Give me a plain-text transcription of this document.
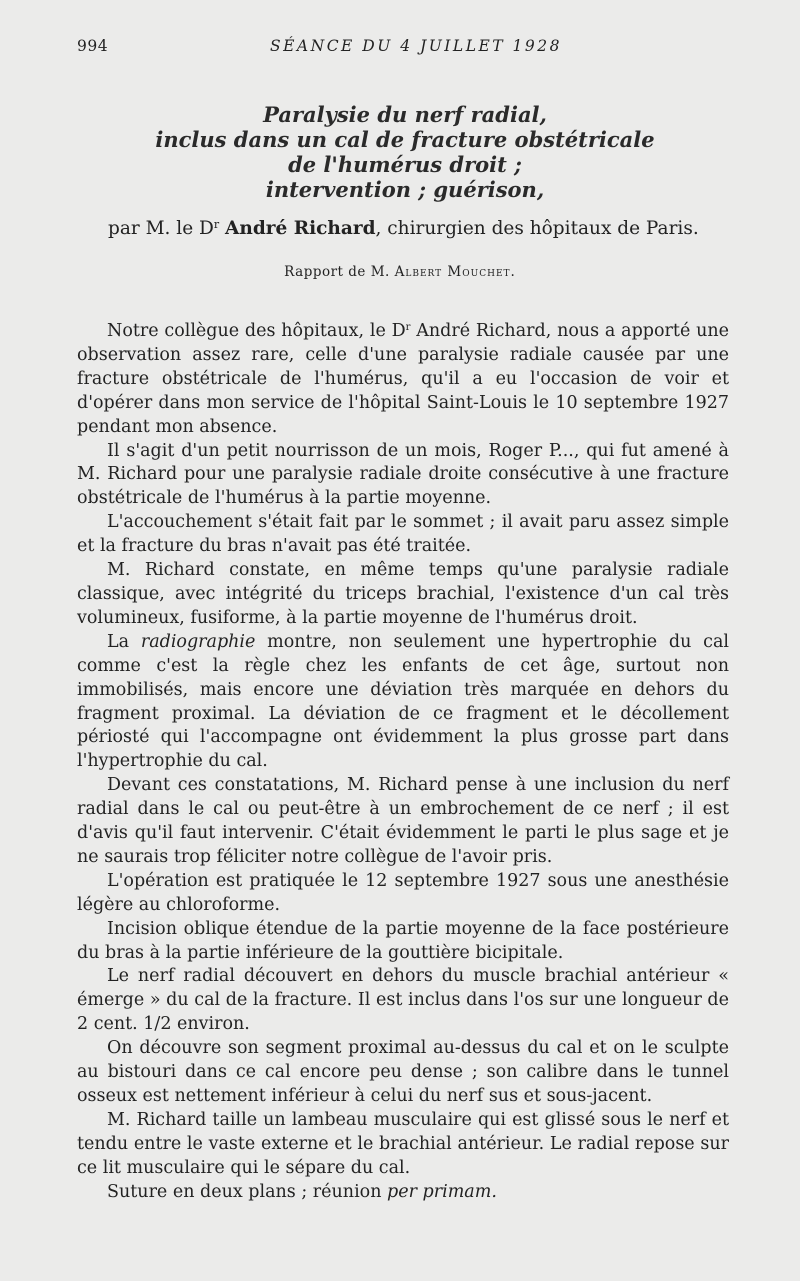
994	SÉANCE DU 4 JUILLET 1928
Paralysie du nerf radial,
inclus dans un cal de fracture obstétricale
de l'humérus droit ;
intervention ; guérison,
par M. le $D^r$ André Richard, chirurgien des hôpitaux de Paris.
Rapport de M. Albert Mouchet.

Notre collègue des hôpitaux, le $D^r$ André Richard, nous a apporté une observation assez rare, celle d'une paralysie radiale causée par une fracture obstétricale de l'humérus, qu'il a eu l'occasion de voir et d'opérer dans mon service de l'hôpital Saint-Louis le 10 septembre 1927 pendant mon absence.

Il s'agit d'un petit nourrisson de un mois, Roger P..., qui fut amené à M. Richard pour une paralysie radiale droite consécutive à une fracture obstétricale de l'humérus à la partie moyenne.

L'accouchement s'était fait par le sommet ; il avait paru assez simple et la fracture du bras n'avait pas été traitée.

M. Richard constate, en même temps qu'une paralysie radiale classique, avec intégrité du triceps brachial, l'existence d'un cal très volumineux, fusiforme, à la partie moyenne de l'humérus droit.

La radiographie montre, non seulement une hypertrophie du cal comme c'est la règle chez les enfants de cet âge, surtout non immobilisés, mais encore une déviation très marquée en dehors du fragment proximal. La déviation de ce fragment et le décollement périosté qui l'accompagne ont évidemment la plus grosse part dans l'hypertrophie du cal.

Devant ces constatations, M. Richard pense à une inclusion du nerf radial dans le cal ou peut-être à un embrochement de ce nerf ; il est d'avis qu'il faut intervenir. C'était évidemment le parti le plus sage et je ne saurais trop féliciter notre collègue de l'avoir pris.

L'opération est pratiquée le 12 septembre 1927 sous une anesthésie légère au chloroforme.

Incision oblique étendue de la partie moyenne de la face postérieure du bras à la partie inférieure de la gouttière bicipitale.

Le nerf radial découvert en dehors du muscle brachial antérieur « émerge » du cal de la fracture. Il est inclus dans l'os sur une longueur de 2 cent. 1/2 environ.

On découvre son segment proximal au-dessus du cal et on le sculpte au bistouri dans ce cal encore peu dense ; son calibre dans le tunnel osseux est nettement inférieur à celui du nerf sus et sous-jacent.

M. Richard taille un lambeau musculaire qui est glissé sous le nerf et tendu entre le vaste externe et le brachial antérieur. Le radial repose sur ce lit musculaire qui le sépare du cal.

Suture en deux plans ; réunion per primam.
